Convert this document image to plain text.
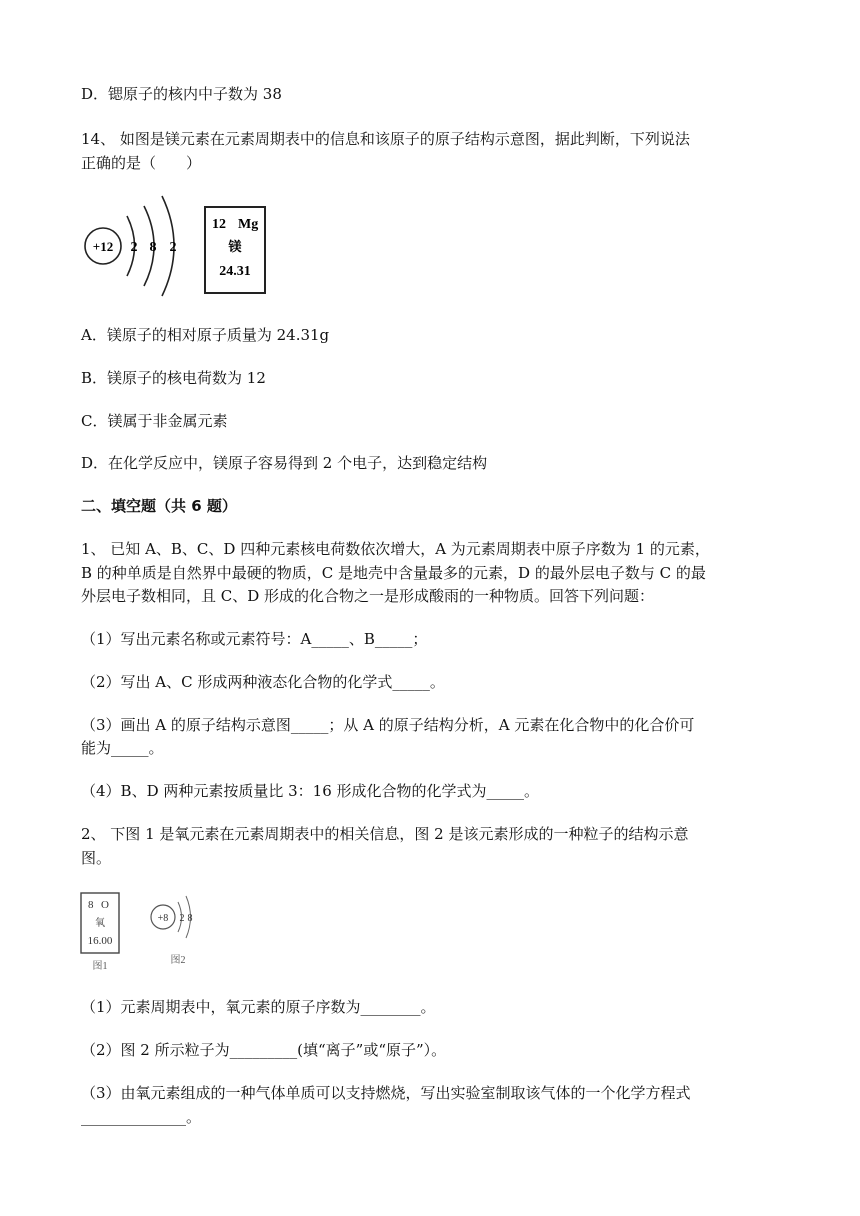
D．锶原子的核内中子数为 38
14、 如图是镁元素在元素周期表中的信息和该原子的原子结构示意图，据此判断，下列说法
正确的是（　　）
+12 2 8 2
12 Mg
镁
24.31
A．镁原子的相对原子质量为 24.31g
B．镁原子的核电荷数为 12
C．镁属于非金属元素
D．在化学反应中，镁原子容易得到 2 个电子，达到稳定结构
二、填空题（共 6 题）
1、 已知 A、B、C、D 四种元素核电荷数依次增大，A 为元素周期表中原子序数为 1 的元素，
B 的种单质是自然界中最硬的物质，C 是地壳中含量最多的元素，D 的最外层电子数与 C 的最
外层电子数相同，且 C、D 形成的化合物之一是形成酸雨的一种物质。回答下列问题：
（1）写出元素名称或元素符号：A_____、B_____；
（2）写出 A、C 形成两种液态化合物的化学式_____。
（3）画出 A 的原子结构示意图_____；从 A 的原子结构分析，A 元素在化合物中的化合价可
能为_____。
（4）B、D 两种元素按质量比 3：16 形成化合物的化学式为_____。
2、 下图 1 是氧元素在元素周期表中的相关信息，图 2 是该元素形成的一种粒子的结构示意
图。
8 O
氧
16.00
图1
+8 2 8
图2
（1）元素周期表中，氧元素的原子序数为________。
（2）图 2 所示粒子为_________(填“离子”或“原子”）。
（3）由氧元素组成的一种气体单质可以支持燃烧，写出实验室制取该气体的一个化学方程式
______________。
